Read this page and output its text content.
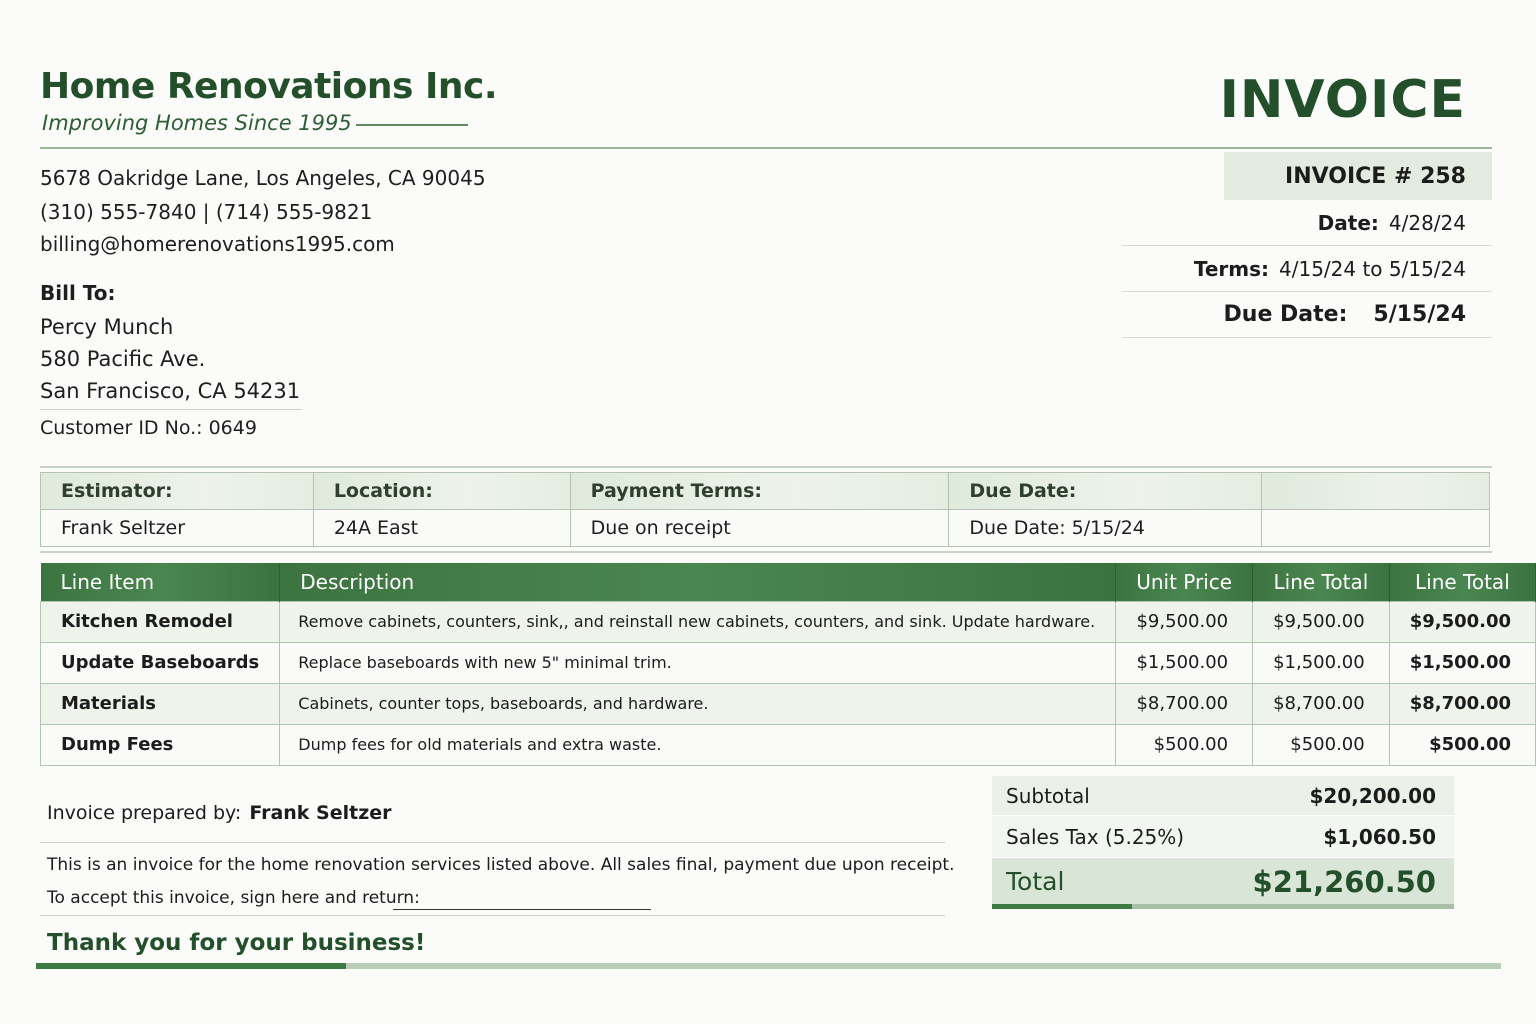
Home Renovations Inc.
Improving Homes Since 1995	INVOICE
5678 Oakridge Lane, Los Angeles, CA 90045
(310) 555-7840 | (714) 555-9821
billing@homerenovations1995.com
Bill To:
Percy Munch
580 Pacific Ave.
San Francisco, CA 54231
Customer ID No.: 0649
INVOICE # 258
Date: 4/28/24
Terms: 4/15/24 to 5/15/24
Due Date: 5/15/24
Estimator:	Location:	Payment Terms:	Due Date:	
Frank Seltzer	24A East	Due on receipt	Due Date: 5/15/24	
Line Item	Description	Unit Price	Line Total	Line Total
Kitchen Remodel	Remove cabinets, counters, sink,, and reinstall new cabinets, counters, and sink. Update hardware.	$9,500.00	$9,500.00	$9,500.00
Update Baseboards	Replace baseboards with new 5" minimal trim.	$1,500.00	$1,500.00	$1,500.00
Materials	Cabinets, counter tops, baseboards, and hardware.	$8,700.00	$8,700.00	$8,700.00
Dump Fees	Dump fees for old materials and extra waste.	$500.00	$500.00	$500.00
Invoice prepared by: Frank Seltzer
This is an invoice for the home renovation services listed above. All sales final, payment due upon receipt.
To accept this invoice, sign here and return:
Thank you for your business!
Subtotal	$20,200.00
Sales Tax (5.25%)	$1,060.50
Total	$21,260.50
